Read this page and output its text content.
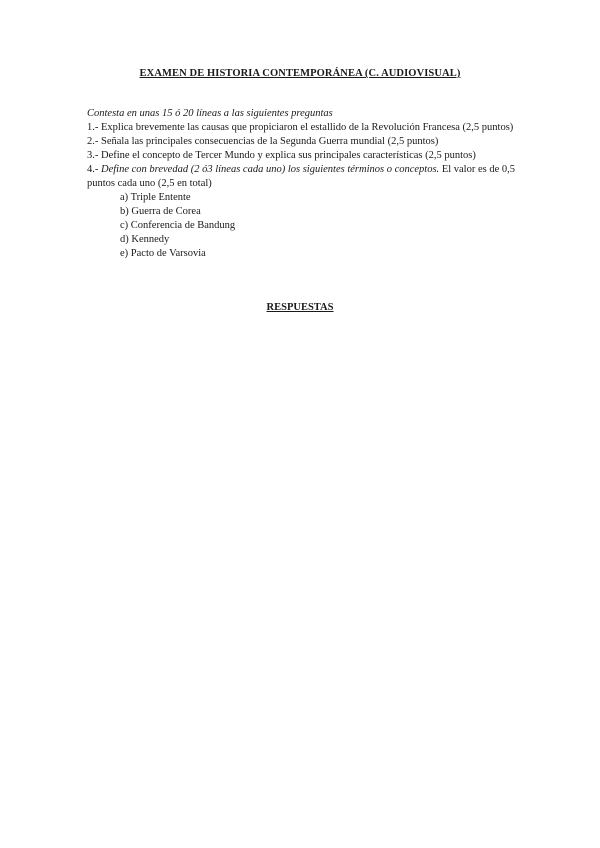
EXAMEN DE HISTORIA CONTEMPORÁNEA (C. AUDIOVISUAL)

Contesta en unas 15 ó 20 líneas a las siguientes preguntas

1.- Explica brevemente las causas que propiciaron el estallido de la Revolución Francesa (2,5 puntos)

2.- Señala las principales consecuencias de la Segunda Guerra mundial (2,5 puntos)

3.- Define el concepto de Tercer Mundo y explica sus principales características (2,5 puntos)

4.- Define con brevedad (2 ó3 líneas cada uno) los siguientes términos o conceptos. El valor es de 0,5 puntos cada uno (2,5 en total)

a) Triple Entente
b) Guerra de Corea
c) Conferencia de Bandung
d) Kennedy
e) Pacto de Varsovia
RESPUESTAS
